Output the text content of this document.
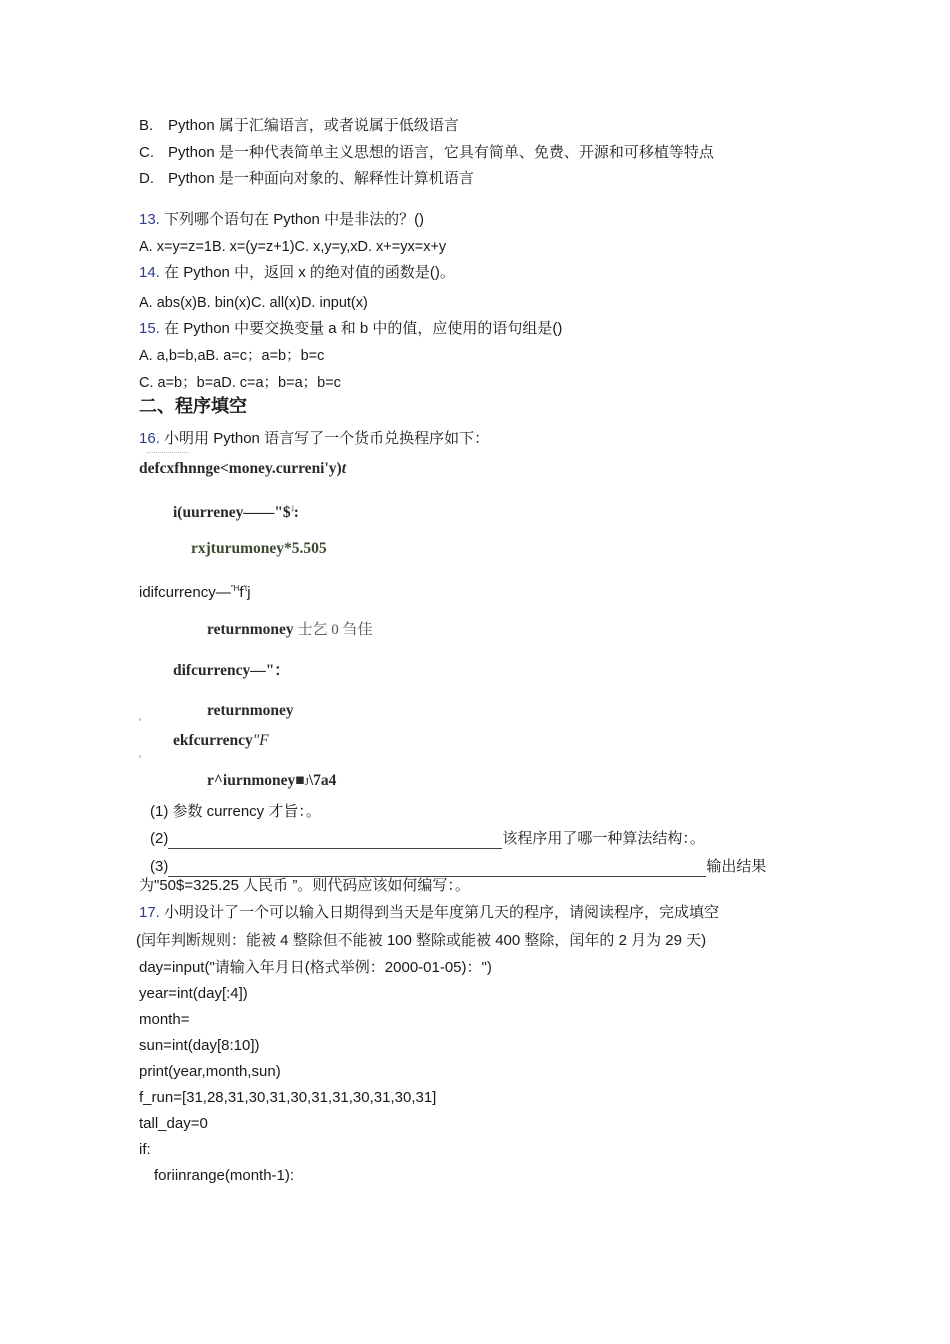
B. Python 属于汇编语言，或者说属于低级语言
C. Python 是一种代表简单主义思想的语言，它具有简单、免费、开源和可移植等特点
D. Python 是一种面向对象的、解释性计算机语言
13. 下列哪个语句在 Python 中是非法的？()
A. x=y=z=1B. x=(y=z+1)C. x,y=y,xD. x+=yx=x+y
14. 在 Python 中，返回 x 的绝对值的函数是()。
A. abs(x)B. bin(x)C. all(x)D. input(x)
15. 在 Python 中要交换变量 a 和 b 中的值，应使用的语句组是()
A. a,b=b,aB. a=c；a=b；b=c
C. a=b；b=aD. c=a；b=a；b=c
二、程序填空
16. 小明用 Python 语言写了一个货币兑换程序如下：
defcxfhnnge<money.curreni'y)t
i(uurreney——"$˩:
rxjturumoney*5.505
$idifcurrency—^{"H}f^{'t}j$
returnmoney 士乞 0 刍佳
difcurrency—"：
returnmoney
ekfcurrency"F
r^iurnmoney■J\7a4
(1) 参数 currency 才旨：。
(2)	该程序用了哪一种算法结构：。
(3)	输出结果
为"50$=325.25 人民币 ”。则代码应该如何编写：。
17. 小明设计了一个可以输入日期得到当天是年度第几天的程序，请阅读程序，完成填空
(闰年判断规则：能被 4 整除但不能被 100 整除或能被 400 整除，闰年的 2 月为 29 天)
day=input("请输入年月日(格式举例：2000-01-05)：")
year=int(day[:4])
month=
sun=int(day[8:10])
print(year,month,sun)
f_run=[31,28,31,30,31,30,31,31,30,31,30,31]
tall_day=0
if:
foriinrange(month-1):
